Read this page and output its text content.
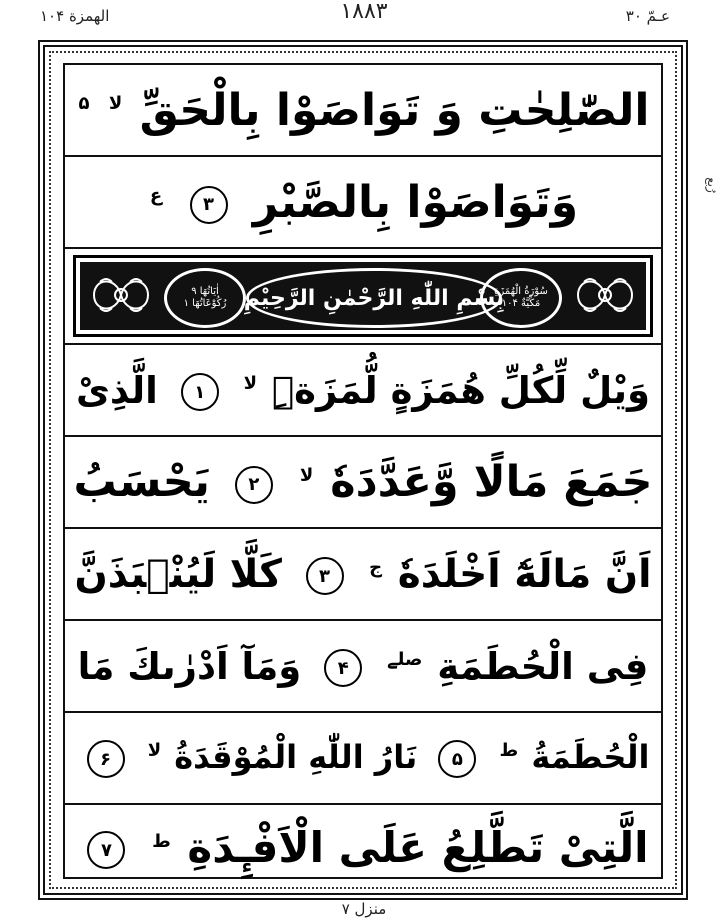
الهمزة ۱۰۴	۱۸۸۳	عـمّ ۳۰
رُبع
الصّٰلِحٰتِ وَ تَوَاصَوْا بِالْحَقِّ $^{لا}$ $^۵$
وَتَوَاصَوْا بِالصَّبْرِ ۳ $^ع$
اٰيَاتُهَا ۹
رُكُوْعَاتُهَا ۱ بِسْمِ اللّٰهِ الرَّحْمٰنِ الرَّحِيْمِ
سُوْرَةُ الْهُمَزَةِ
مَكِّيَّةٌ ۱۰۴
وَيْلٌ لِّكُلِّ هُمَزَةٍ لُّمَزَةِۨ $^{لا}$ ۱ الَّذِىْ
جَمَعَ مَالًا وَّعَدَّدَهٗ $^{لا}$ ۲ يَحْسَبُ
اَنَّ مَالَهٗٓ اَخْلَدَهٗ $^ج$ ۳ كَلَّا لَيُنْۢبَذَنَّ
فِى الْحُطَمَةِ $^{صلے}$ ۴ وَمَآ اَدْرٰىكَ مَا
الْحُطَمَةُ $^ط$ ۵ نَارُ اللّٰهِ الْمُوْقَدَةُ $^{لا}$ ۶
الَّتِىْ تَطَّلِعُ عَلَى الْاَفْـِٕدَةِ $^ط$ ۷
منزل ۷
